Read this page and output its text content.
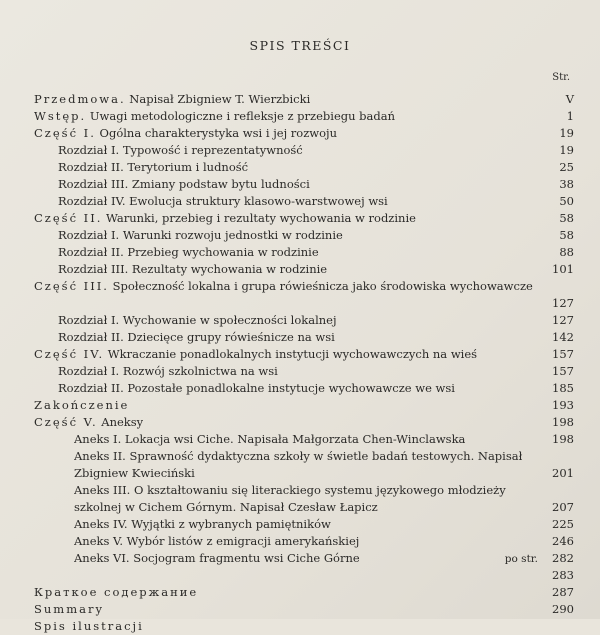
SPIS TREŚCI
Str.
Przedmowa. Napisał Zbigniew T. Wierzbicki	V
Wstęp. Uwagi metodologiczne i refleksje z przebiegu badań	1
Część I. Ogólna charakterystyka wsi i jej rozwoju	19
Rozdział I. Typowość i reprezentatywność	19
Rozdział II. Terytorium i ludność	25
Rozdział III. Zmiany podstaw bytu ludności	38
Rozdział IV. Ewolucja struktury klasowo-warstwowej wsi	50
Część II. Warunki, przebieg i rezultaty wychowania w rodzinie	58
Rozdział I. Warunki rozwoju jednostki w rodzinie	58
Rozdział II. Przebieg wychowania w rodzinie	88
Rozdział III. Rezultaty wychowania w rodzinie	101
Część III. Społeczność lokalna i grupa rówieśnicza jako środowiska wychowawcze
127
Rozdział I. Wychowanie w społeczności lokalnej	127
Rozdział II. Dziecięce grupy rówieśnicze na wsi	142
Część IV. Wkraczanie ponadlokalnych instytucji wychowawczych na wieś	157
Rozdział I. Rozwój szkolnictwa na wsi	157
Rozdział II. Pozostałe ponadlokalne instytucje wychowawcze we wsi	185
Zakończenie	193
Część V. Aneksy	198
Aneks I. Lokacja wsi Ciche. Napisała Małgorzata Chen-Winclawska	198
Aneks II. Sprawność dydaktyczna szkoły w świetle badań testowych. Napisał Zbigniew Kwieciński	201
Aneks III. O kształtowaniu się literackiego systemu językowego młodzieży szkolnej w Cichem Górnym. Napisał Czesław Łapicz	207
Aneks IV. Wyjątki z wybranych pamiętników	225
Aneks V. Wybór listów z emigracji amerykańskiej	246
Aneks VI. Socjogram fragmentu wsi Ciche Górne	po str.	282
283
Краткое содержание	287
Summary	290
Spis ilustracji
